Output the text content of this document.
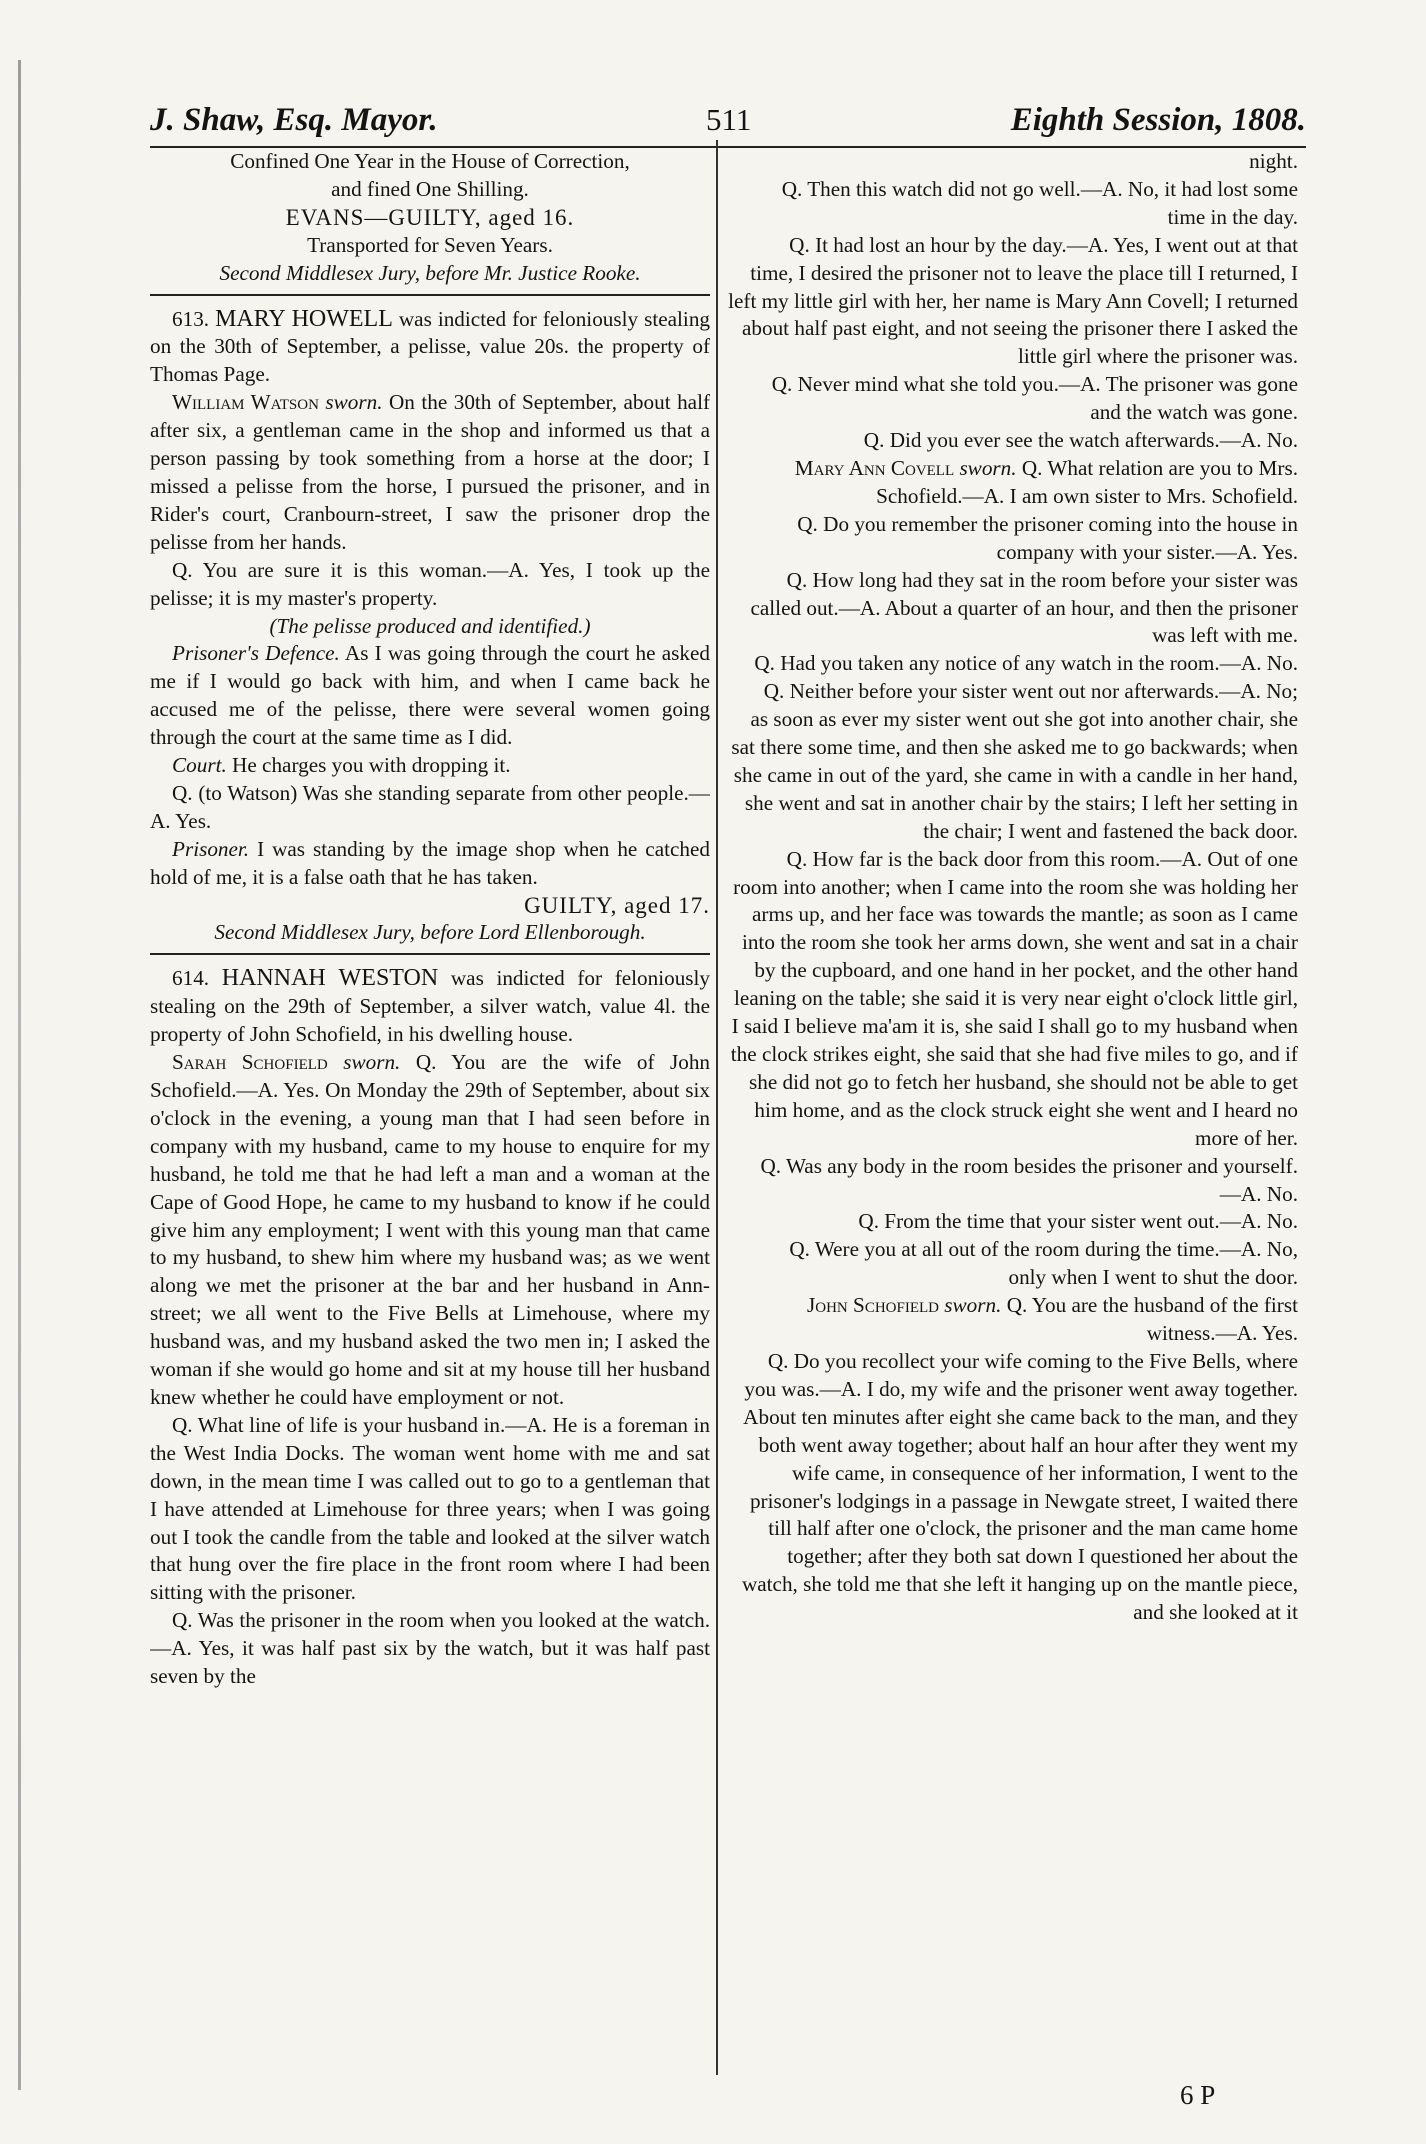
J. Shaw, Esq. Mayor.	511	Eighth Session, 1808.

Confined One Year in the House of Correction,

and fined One Shilling.

EVANS—GUILTY, aged 16.

Transported for Seven Years.

Second Middlesex Jury, before Mr. Justice Rooke.

613. MARY HOWELL was indicted for feloniously stealing on the 30th of September, a pelisse, value 20s. the property of Thomas Page.

William Watson sworn. On the 30th of September, about half after six, a gentleman came in the shop and informed us that a person passing by took something from a horse at the door; I missed a pelisse from the horse, I pursued the prisoner, and in Rider's court, Cranbourn-street, I saw the prisoner drop the pelisse from her hands.

Q. You are sure it is this woman.—A. Yes, I took up the pelisse; it is my master's property.

(The pelisse produced and identified.)

Prisoner's Defence. As I was going through the court he asked me if I would go back with him, and when I came back he accused me of the pelisse, there were several women going through the court at the same time as I did.

Court. He charges you with dropping it.

Q. (to Watson) Was she standing separate from other people.—A. Yes.

Prisoner. I was standing by the image shop when he catched hold of me, it is a false oath that he has taken.

GUILTY, aged 17.

Second Middlesex Jury, before Lord Ellenborough.

614. HANNAH WESTON was indicted for feloniously stealing on the 29th of September, a silver watch, value 4l. the property of John Schofield, in his dwelling house.

Sarah Schofield sworn. Q. You are the wife of John Schofield.—A. Yes. On Monday the 29th of September, about six o'clock in the evening, a young man that I had seen before in company with my husband, came to my house to enquire for my husband, he told me that he had left a man and a woman at the Cape of Good Hope, he came to my husband to know if he could give him any employment; I went with this young man that came to my husband, to shew him where my husband was; as we went along we met the prisoner at the bar and her husband in Ann-street; we all went to the Five Bells at Limehouse, where my husband was, and my husband asked the two men in; I asked the woman if she would go home and sit at my house till her husband knew whether he could have employment or not.

Q. What line of life is your husband in.—A. He is a foreman in the West India Docks. The woman went home with me and sat down, in the mean time I was called out to go to a gentleman that I have attended at Limehouse for three years; when I was going out I took the candle from the table and looked at the silver watch that hung over the fire place in the front room where I had been sitting with the prisoner.

Q. Was the prisoner in the room when you looked at the watch.—A. Yes, it was half past six by the watch, but it was half past seven by the

night.

Q. Then this watch did not go well.—A. No, it had lost some time in the day.

Q. It had lost an hour by the day.—A. Yes, I went out at that time, I desired the prisoner not to leave the place till I returned, I left my little girl with her, her name is Mary Ann Covell; I returned about half past eight, and not seeing the prisoner there I asked the little girl where the prisoner was.

Q. Never mind what she told you.—A. The prisoner was gone and the watch was gone.

Q. Did you ever see the watch afterwards.—A. No.

Mary Ann Covell sworn. Q. What relation are you to Mrs. Schofield.—A. I am own sister to Mrs. Schofield.

Q. Do you remember the prisoner coming into the house in company with your sister.—A. Yes.

Q. How long had they sat in the room before your sister was called out.—A. About a quarter of an hour, and then the prisoner was left with me.

Q. Had you taken any notice of any watch in the room.—A. No.

Q. Neither before your sister went out nor afterwards.—A. No; as soon as ever my sister went out she got into another chair, she sat there some time, and then she asked me to go backwards; when she came in out of the yard, she came in with a candle in her hand, she went and sat in another chair by the stairs; I left her setting in the chair; I went and fastened the back door.

Q. How far is the back door from this room.—A. Out of one room into another; when I came into the room she was holding her arms up, and her face was towards the mantle; as soon as I came into the room she took her arms down, she went and sat in a chair by the cupboard, and one hand in her pocket, and the other hand leaning on the table; she said it is very near eight o'clock little girl, I said I believe ma'am it is, she said I shall go to my husband when the clock strikes eight, she said that she had five miles to go, and if she did not go to fetch her husband, she should not be able to get him home, and as the clock struck eight she went and I heard no more of her.

Q. Was any body in the room besides the prisoner and yourself.—A. No.

Q. From the time that your sister went out.—A. No.

Q. Were you at all out of the room during the time.—A. No, only when I went to shut the door.

John Schofield sworn. Q. You are the husband of the first witness.—A. Yes.

Q. Do you recollect your wife coming to the Five Bells, where you was.—A. I do, my wife and the prisoner went away together. About ten minutes after eight she came back to the man, and they both went away together; about half an hour after they went my wife came, in consequence of her information, I went to the prisoner's lodgings in a passage in Newgate street, I waited there till half after one o'clock, the prisoner and the man came home together; after they both sat down I questioned her about the watch, she told me that she left it hanging up on the mantle piece, and she looked at it

6 P
